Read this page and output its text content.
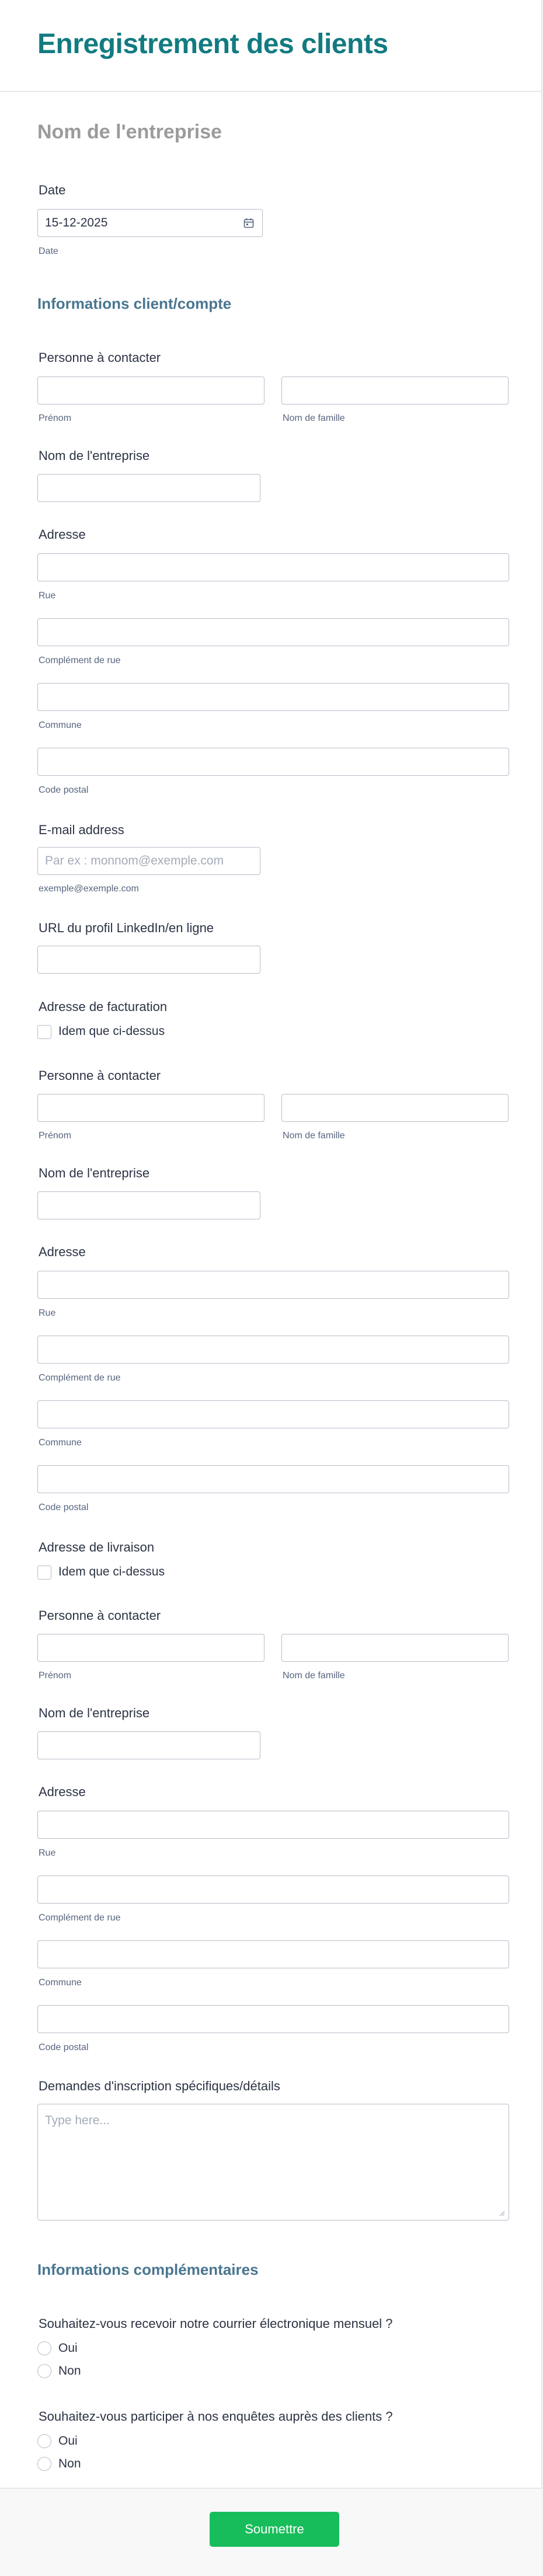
Enregistrement des clients
Nom de l'entreprise
Date
15-12-2025
Date
Informations client/compte
Personne à contacter
Prénom	Nom de famille
Nom de l'entreprise
Adresse
Rue
Complément de rue
Commune
Code postal
E-mail address
Par ex : monnom@exemple.com
exemple@exemple.com
URL du profil LinkedIn/en ligne
Adresse de facturation
Idem que ci-dessus
Personne à contacter
Prénom	Nom de famille
Nom de l'entreprise
Adresse
Rue
Complément de rue
Commune
Code postal
Adresse de livraison
Idem que ci-dessus
Personne à contacter
Prénom	Nom de famille
Nom de l'entreprise
Adresse
Rue
Complément de rue
Commune
Code postal
Demandes d'inscription spécifiques/détails
Type here...
Informations complémentaires
Souhaitez-vous recevoir notre courrier électronique mensuel ?
Oui
Non
Souhaitez-vous participer à nos enquêtes auprès des clients ?
Oui
Non
Soumettre
